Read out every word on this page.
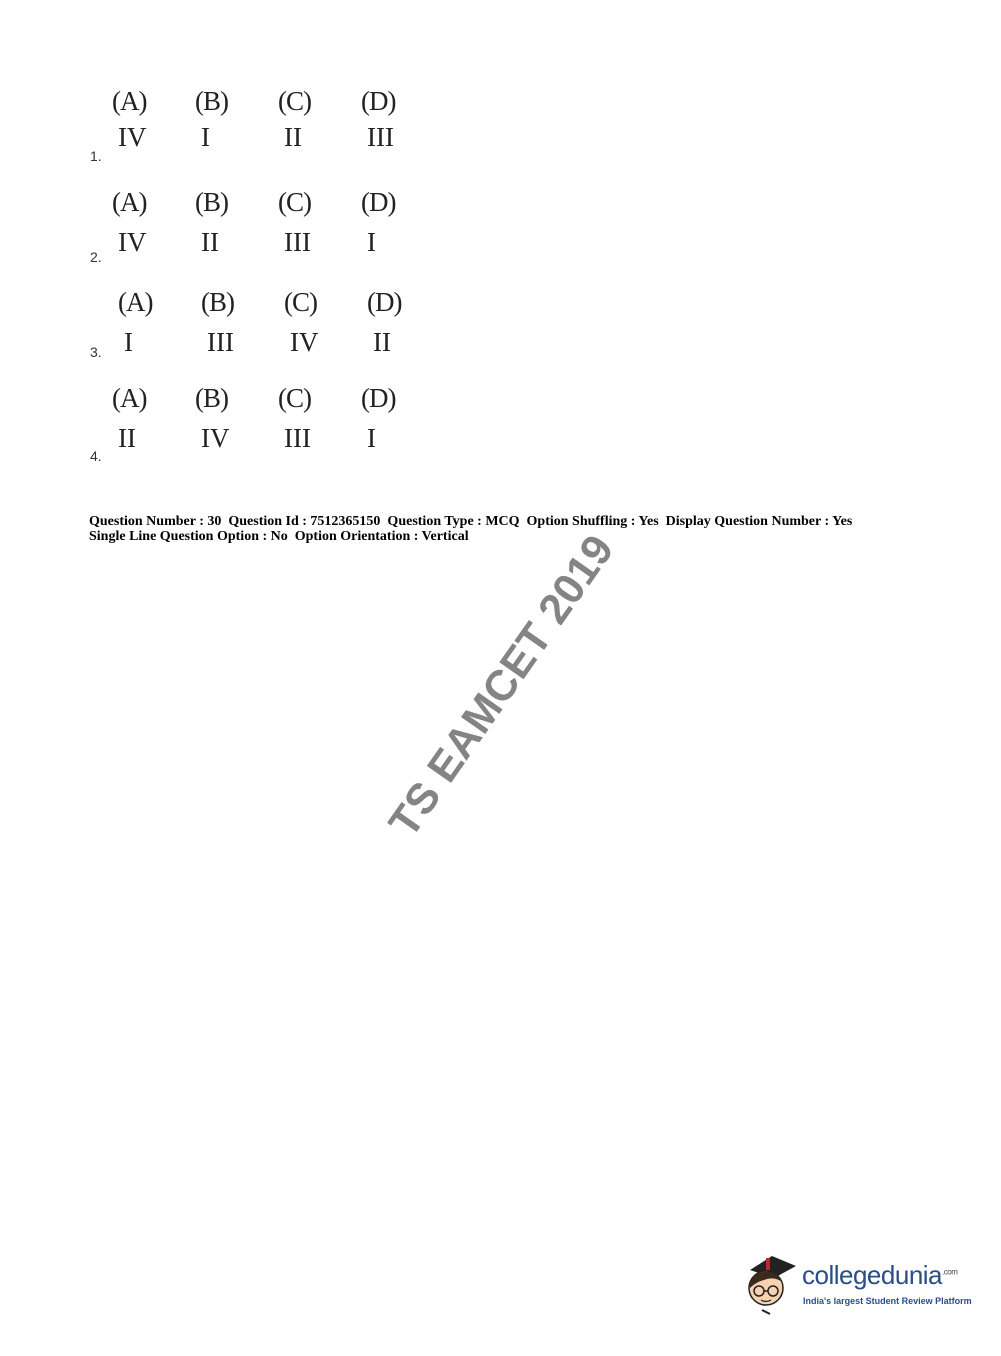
(A)	(B)	(C)	(D)
IV	I	II	III
1.
(A)	(B)	(C)	(D)
IV	II	III	I
2.
(A)	(B)	(C)	(D)
I	III	IV	II
3.
(A)	(B)	(C)	(D)
II	IV	III	I
4.
Question Number : 30  Question Id : 7512365150  Question Type : MCQ  Option Shuffling : Yes  Display Question Number : Yes
Single Line Question Option : No  Option Orientation : Vertical
TS EAMCET 2019
collegedunia$^{.com}$
India's largest Student Review Platform
